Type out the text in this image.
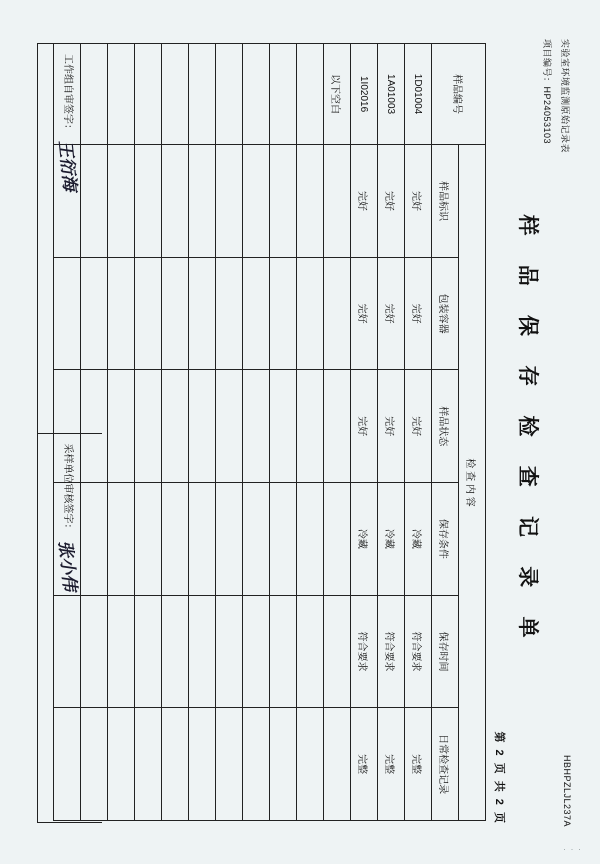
实验室环境监测原始记录表
项目编号：HP24053103
HBHPZLJL237A
样 品 保 存 检 查 记 录 单
第 2 页 共 2 页
样品编号	检 查 内 容					
	样品标识	包装容器	样品状态	保存条件	保存时间	日常检查记录
1D01004	完好	完好	完好	冷藏	符合要求	完整
1A01003	完好	完好	完好	冷藏	符合要求	完整
1I02016	完好	完好	完好	冷藏	符合要求	完整
以下空白						

工作组自审签字：
王衍海
采样单位审核签字：
张小伟
· · ·
